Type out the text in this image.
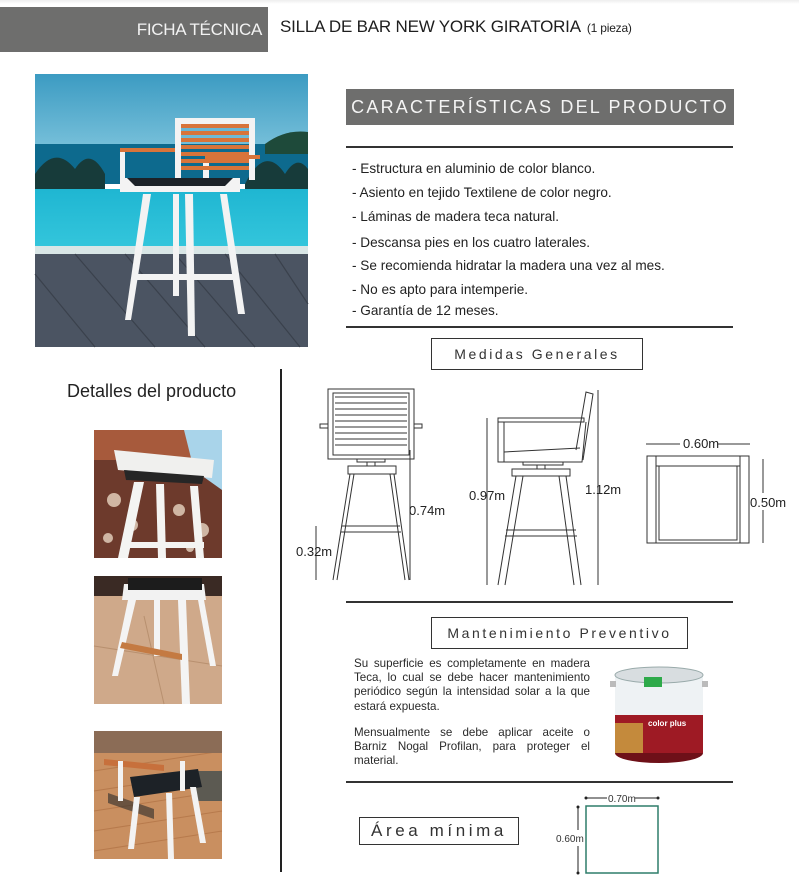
FICHA TÉCNICA SILLA DE BAR NEW YORK GIRATORIA (1 pieza)
CARACTERÍSTICAS DEL PRODUCTO
- Estructura en aluminio de color blanco.
- Asiento en tejido Textilene de color negro.
- Láminas de madera teca natural.
- Descansa pies en los cuatro laterales.
- Se recomienda hidratar la madera una vez al mes.
- No es apto para intemperie.
- Garantía de 12 meses.
Medidas Generales
0.74m
0.32m
0.97m	1.12m
0.60m
0.50m
Detalles del producto
Mantenimiento Preventivo

Su superficie es completamente en madera Teca, lo cual se debe hacer mantenimiento periódico según la intensidad solar a la que estará expuesta.

Mensualmente se debe aplicar aceite o Barniz Nogal Profilan, para proteger el material.

color plus
Área mínima
0.70m
0.60m
